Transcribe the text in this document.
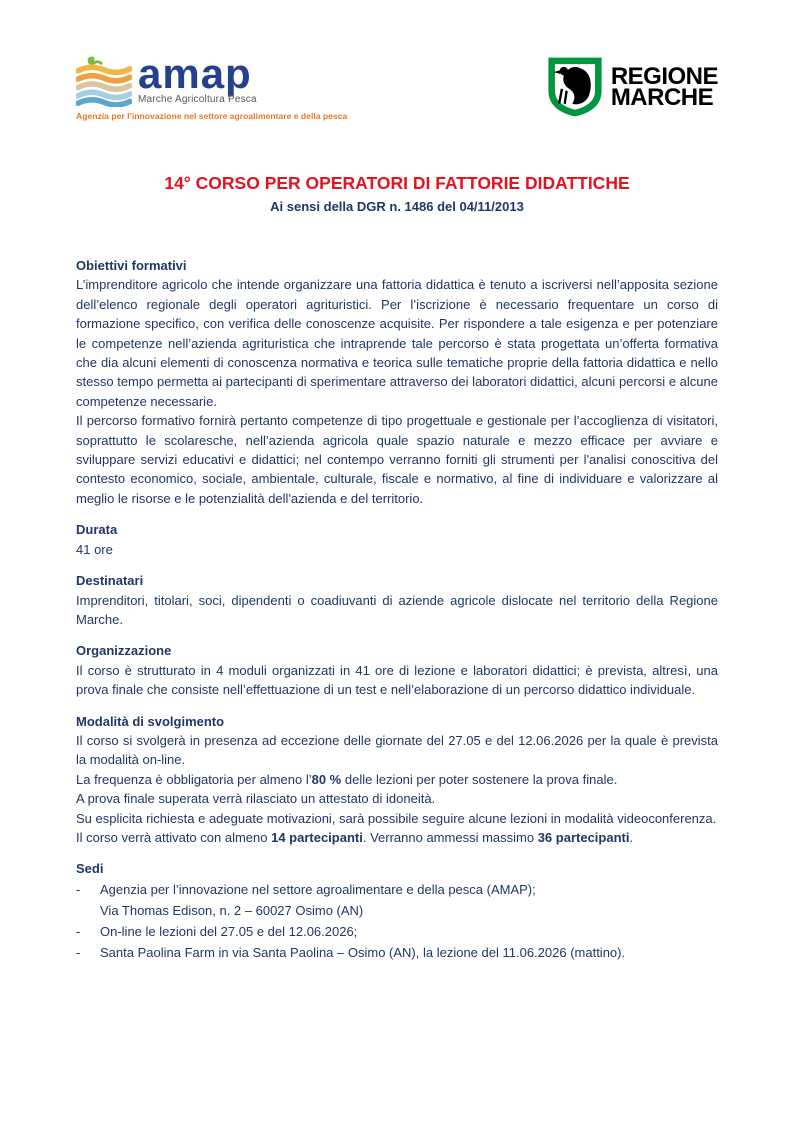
amap
Marche Agricoltura Pesca
Agenzia per l’innovazione nel settore agroalimentare e della pesca
REGIONE
MARCHE
14° CORSO PER OPERATORI DI FATTORIE DIDATTICHE
Ai sensi della DGR n. 1486 del 04/11/2013
Obiettivi formativi

L’imprenditore agricolo che intende organizzare una fattoria didattica è tenuto a iscriversi nell’apposita sezione dell’elenco regionale degli operatori agrituristici. Per l’iscrizione è necessario frequentare un corso di formazione specifico, con verifica delle conoscenze acquisite. Per rispondere a tale esigenza e per potenziare le competenze nell’azienda agrituristica che intraprende tale percorso è stata progettata un’offerta formativa che dia alcuni elementi di conoscenza normativa e teorica sulle tematiche proprie della fattoria didattica e nello stesso tempo permetta ai partecipanti di sperimentare attraverso dei laboratori didattici, alcuni percorsi e alcune competenze necessarie.

Il percorso formativo fornirà pertanto competenze di tipo progettuale e gestionale per l’accoglienza di visitatori, soprattutto le scolaresche, nell’azienda agricola quale spazio naturale e mezzo efficace per avviare e sviluppare servizi educativi e didattici; nel contempo verranno forniti gli strumenti per l'analisi conoscitiva del contesto economico, sociale, ambientale, culturale, fiscale e normativo, al fine di individuare e valorizzare al meglio le risorse e le potenzialità dell'azienda e del territorio.

Durata

41 ore

Destinatari

Imprenditori, titolari, soci, dipendenti o coadiuvanti di aziende agricole dislocate nel territorio della Regione Marche.

Organizzazione

Il corso è strutturato in 4 moduli organizzati in 41 ore di lezione e laboratori didattici; è prevista, altresì, una prova finale che consiste nell’effettuazione di un test e nell’elaborazione di un percorso didattico individuale.

Modalità di svolgimento

Il corso si svolgerà in presenza ad eccezione delle giornate del 27.05 e del 12.06.2026 per la quale è prevista la modalità on-line.

La frequenza è obbligatoria per almeno l’80 % delle lezioni per poter sostenere la prova finale.

A prova finale superata verrà rilasciato un attestato di idoneità.

Su esplicita richiesta e adeguate motivazioni, sarà possibile seguire alcune lezioni in modalità videoconferenza.

Il corso verrà attivato con almeno 14 partecipanti. Verranno ammessi massimo 36 partecipanti.

Sedi
-	Agenzia per l’innovazione nel settore agroalimentare e della pesca (AMAP);
Via Thomas Edison, n. 2 – 60027 Osimo (AN)
-	On-line le lezioni del 27.05 e del 12.06.2026;
-	Santa Paolina Farm in via Santa Paolina – Osimo (AN), la lezione del 11.06.2026 (mattino).
